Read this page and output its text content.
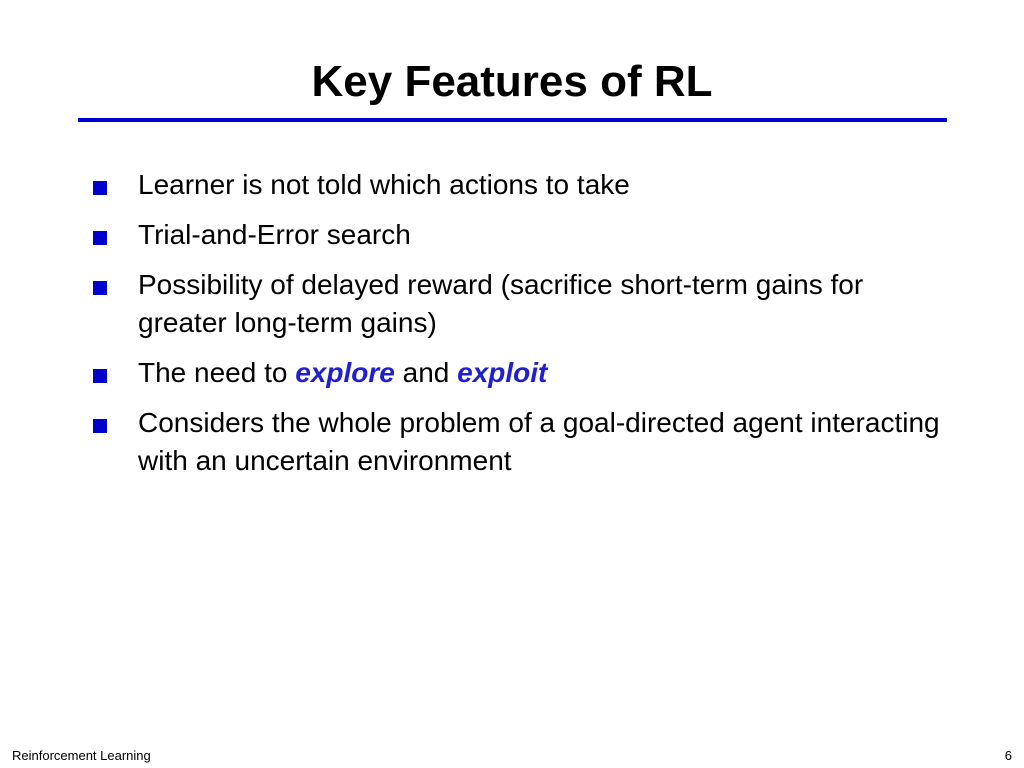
Key Features of RL
Learner is not told which actions to take
Trial-and-Error search
Possibility of delayed reward (sacrifice short-term gains for greater long-term gains)
The need to explore and exploit
Considers the whole problem of a goal-directed agent interacting with an uncertain environment
Reinforcement Learning	6
